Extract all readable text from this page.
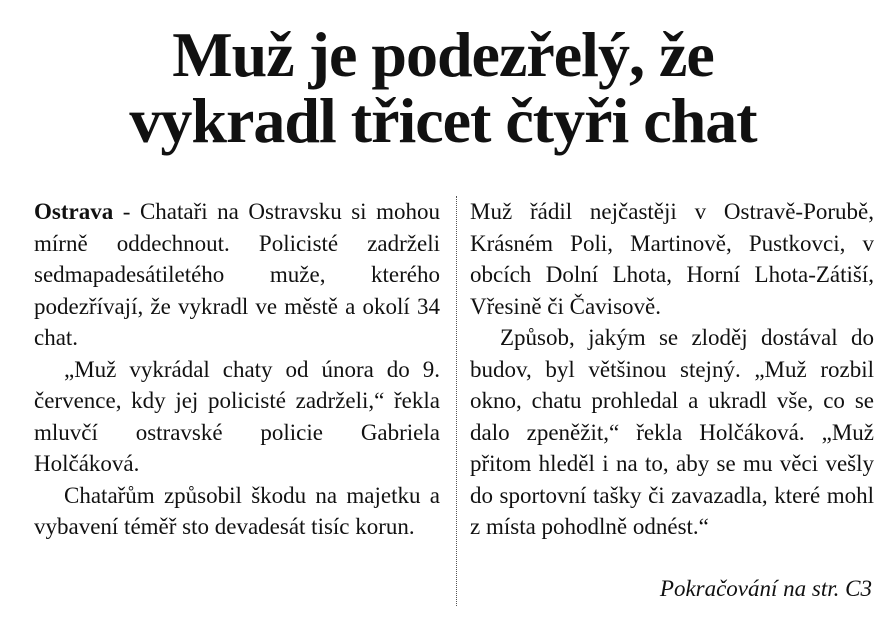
Muž je podezřelý, že
vykradl třicet čtyři chat

Ostrava - Chataři na Ostravsku si mohou mírně oddechnout. Policisté zadrželi sedmapadesátiletého muže, kterého podezřívají, že vykradl ve městě a okolí 34 chat.

„Muž vykrádal chaty od února do 9. července, kdy jej policisté zadrželi,“ řekla mluvčí ostravské policie Gabriela Holčáková.

Chatařům způsobil škodu na majetku a vybavení téměř sto devadesát tisíc korun.

Muž řádil nejčastěji v Ostravě-Porubě, Krásném Poli, Martinově, Pustkovci, v obcích Dolní Lhota, Horní Lhota-Zátiší, Vřesině či Čavisově.

Způsob, jakým se zloděj dostával do budov, byl většinou stejný. „Muž rozbil okno, chatu prohledal a ukradl vše, co se dalo zpeněžit,“ řekla Holčáková. „Muž přitom hleděl i na to, aby se mu věci vešly do sportovní tašky či zavazadla, které mohl z místa pohodlně odnést.“

Pokračování na str. C3
